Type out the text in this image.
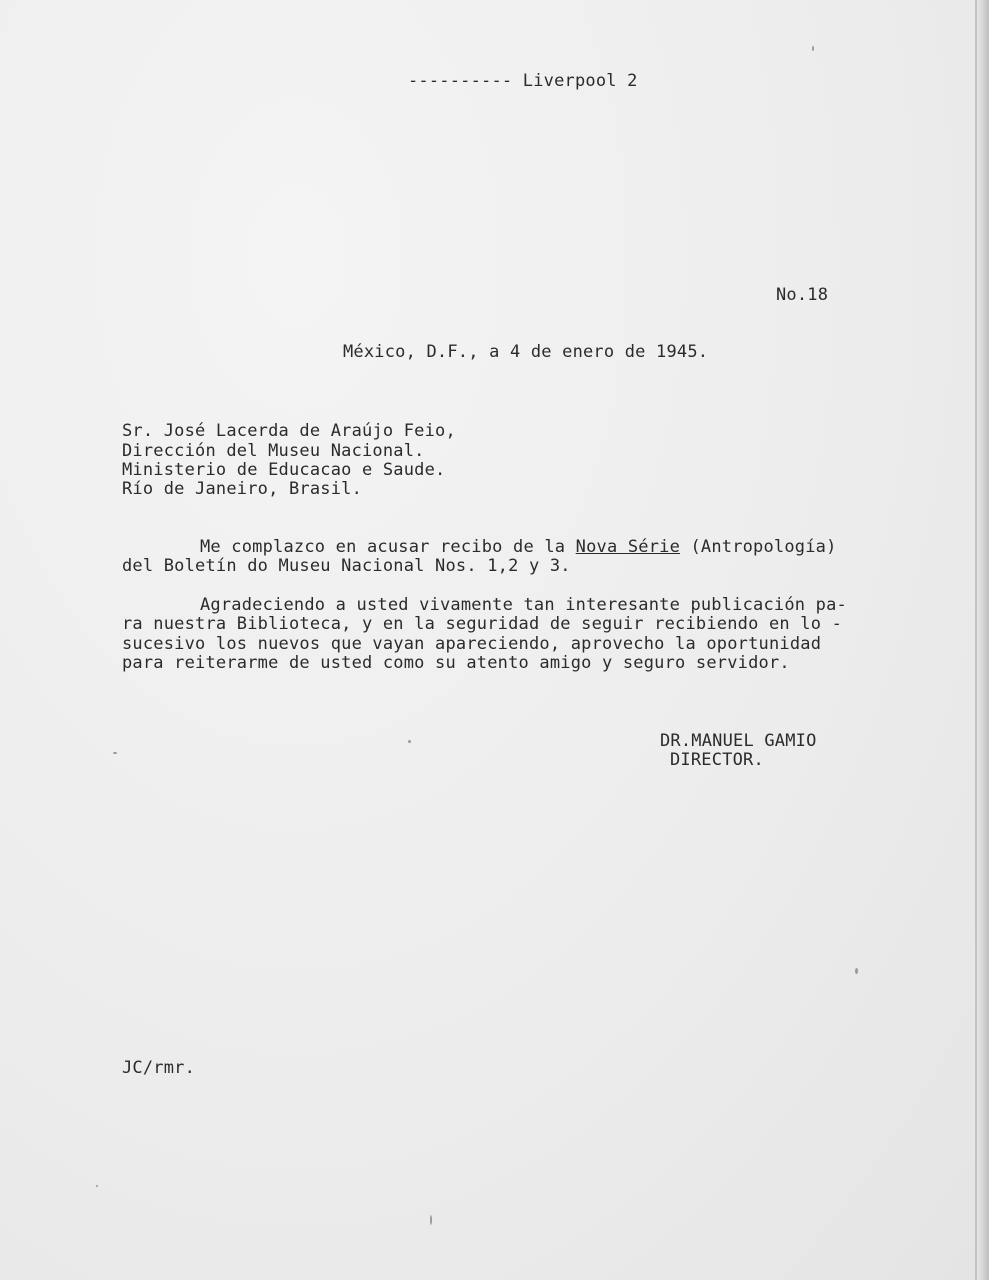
---------- Liverpool 2
No.18
México, D.F., a 4 de enero de 1945.
Sr. José Lacerda de Araújo Feio,
Dirección del Museu Nacional.
Ministerio de Educacao e Saude.
Río de Janeiro, Brasil.
Me complazco en acusar recibo de la Nova Série (Antropología)
del Boletín do Museu Nacional Nos. 1,2 y 3.
Agradeciendo a usted vivamente tan interesante publicación pa-
ra nuestra Biblioteca, y en la seguridad de seguir recibiendo en lo -
sucesivo los nuevos que vayan apareciendo, aprovecho la oportunidad
para reiterarme de usted como su atento amigo y seguro servidor.
DR.MANUEL GAMIO
DIRECTOR.
JC/rmr.
